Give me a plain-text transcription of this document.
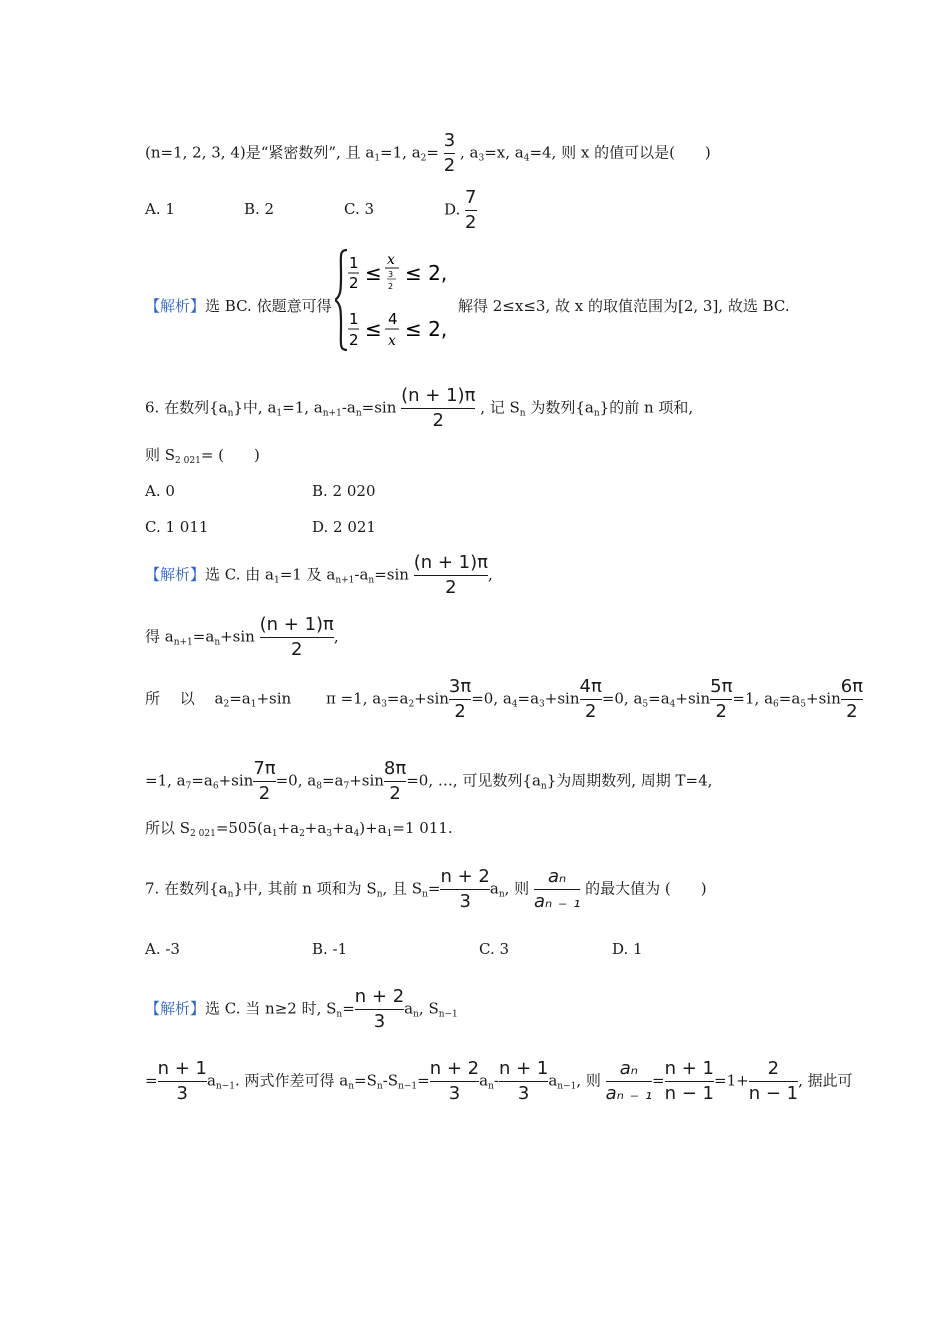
(n=1, 2, 3, 4)是“紧密数列”, 且 $a_1=1$, $a_2= \frac{3}{2}$ , $a_3=x$, $a_4=4$, 则 x 的值可以是(　　)
A. 1	B. 2	C. 3	D. $\frac{7}{2}$
【解析】选 BC. 依题意可得
1
2 ≤
x
3
2
≤ 2,
1
2 ≤ 4
x ≤ 2,
解得 2≤x≤3, 故 x 的取值范围为[2, 3], 故选 BC.
6. 在数列$\{a_n\}$中, $a_1=1$, $a_{n+1}-a_n=\sin \frac{(n + 1)\pi}{2}$ , 记 $S_n$ 为数列$\{a_n\}$的前 n 项和,
则 $S_{2 021}=$ (　　)
A. 0	B. 2 020
C. 1 011	D. 2 021
【解析】选 C. 由 $a_1=1$ 及 $a_{n+1}-a_n=\sin \frac{(n + 1)\pi}{2}$ ,
得 $a_{n+1}=a_n+\sin \frac{(n + 1)\pi}{2}$ ,
所　 以　 $a_2=a_1+\sin$　　 π =1, $a_3=a_2+\sin \frac{3\pi}{2} =0$, $a_4=a_3+\sin \frac{4\pi}{2} =0$, $a_5=a_4+\sin \frac{5\pi}{2} =1$, $a_6=a_5+\sin \frac{6\pi}{2}$
=1, $a_7=a_6+\sin \frac{7\pi}{2} =0$, $a_8=a_7+\sin \frac{8\pi}{2} =0$, …, 可见数列$\{a_n\}$为周期数列, 周期 T=4,
所以 $S_{2 021}=505(a_1+a_2+a_3+a_4)+a_1=1$ 011.
7. 在数列$\{a_n\}$中, 其前 n 项和为 $S_n$, 且 $S_n= \frac{n + 2}{3} a_n$, 则 $\frac{\text{aₙ}}{\text{aₙ ₋ ₁}}$ 的最大值为 (　　)
A. -3	B. -1	C. 3	D. 1
【解析】选 C. 当 n≥2 时, $S_n= \frac{n + 2}{3} a_n$, $S_{n-1}$
= $\frac{n + 1}{3} a_{n-1}$. 两式作差可得 $a_n=S_n-S_{n-1}= \frac{n + 2}{3} a_n- \frac{n + 1}{3} a_{n-1}$, 则 $\frac{\text{aₙ}}{\text{aₙ ₋ ₁}} = \frac{n + 1}{n - 1} =1+ \frac{2}{n - 1}$ , 据此可
